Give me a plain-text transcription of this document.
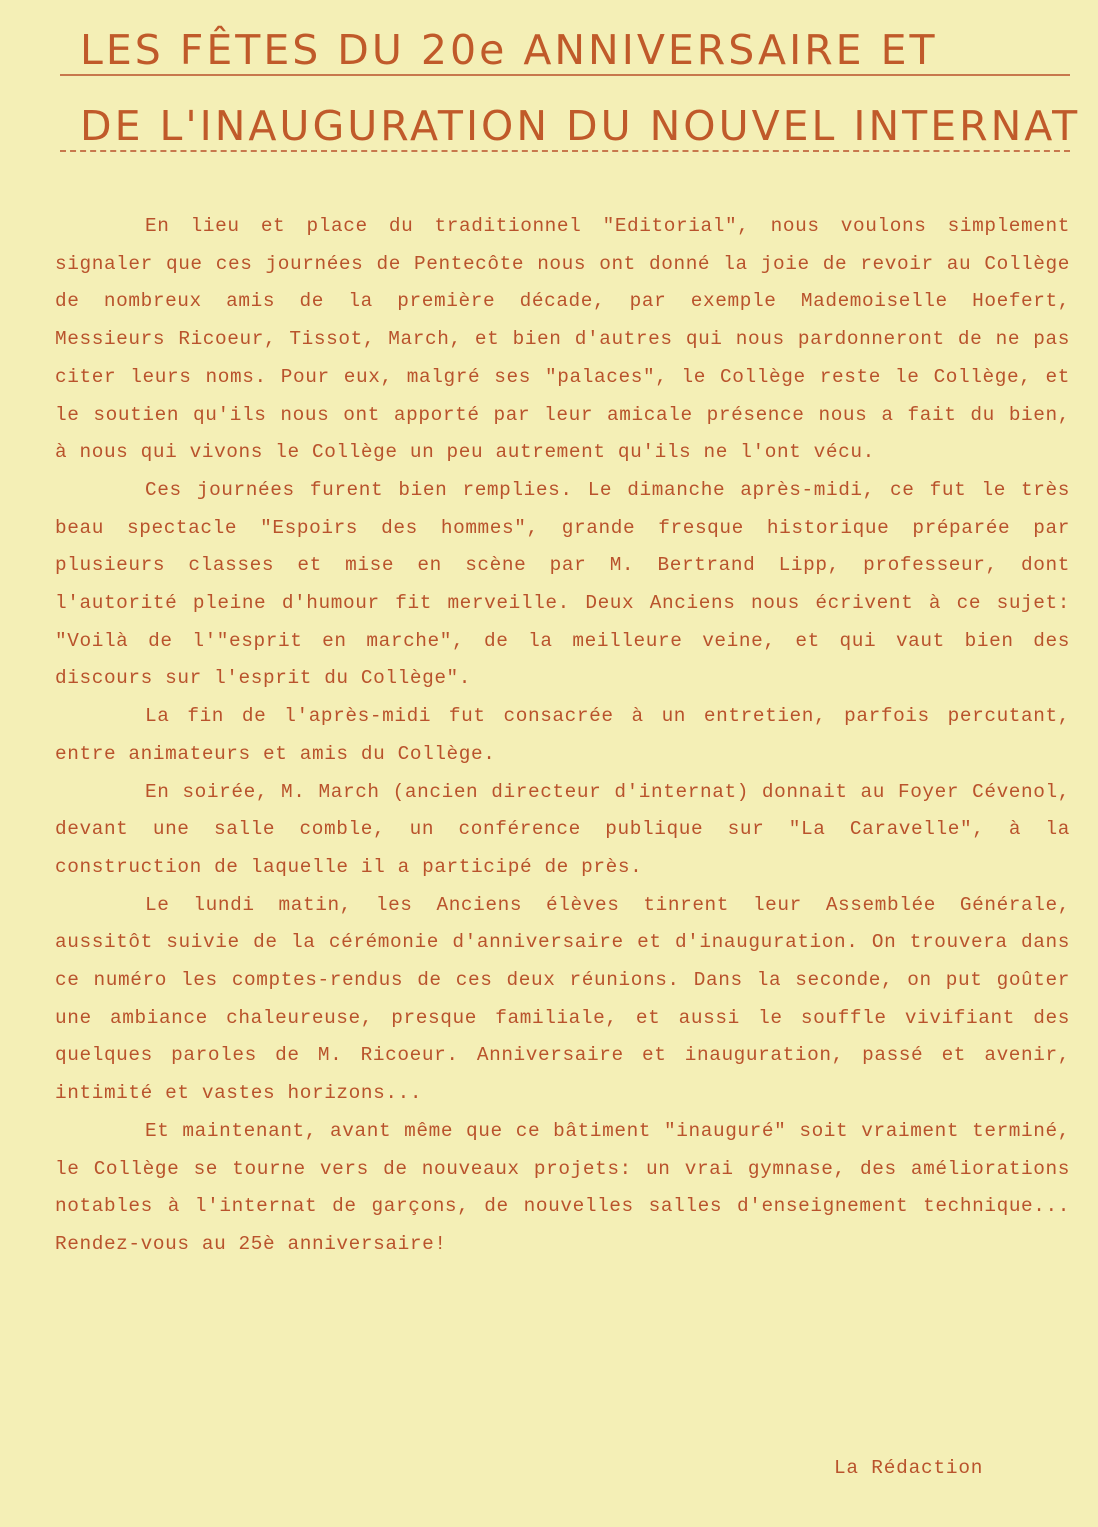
LES FÊTES DU 20e ANNIVERSAIRE ET
DE L'INAUGURATION DU NOUVEL INTERNAT

En lieu et place du traditionnel "Editorial", nous voulons simplement signaler que ces journées de Pentecôte nous ont donné la joie de revoir au Collège de nombreux amis de la première décade, par exemple Mademoiselle Hoefert, Messieurs Ricoeur, Tissot, March, et bien d'autres qui nous pardonneront de ne pas citer leurs noms. Pour eux, malgré ses "palaces", le Collège reste le Collège, et le soutien qu'ils nous ont apporté par leur amicale présence nous a fait du bien, à nous qui vivons le Collège un peu autrement qu'ils ne l'ont vécu.

Ces journées furent bien remplies. Le dimanche après-midi, ce fut le très beau spectacle "Espoirs des hommes", grande fresque historique préparée par plusieurs classes et mise en scène par M. Bertrand Lipp, professeur, dont l'autorité pleine d'humour fit merveille. Deux Anciens nous écrivent à ce sujet: "Voilà de l'"esprit en marche", de la meilleure veine, et qui vaut bien des discours sur l'esprit du Collège".

La fin de l'après-midi fut consacrée à un entretien, parfois percutant, entre animateurs et amis du Collège.

En soirée, M. March (ancien directeur d'internat) donnait au Foyer Cévenol, devant une salle comble, un conférence publique sur "La Caravelle", à la construction de laquelle il a participé de près.

Le lundi matin, les Anciens élèves tinrent leur Assemblée Générale, aussitôt suivie de la cérémonie d'anniversaire et d'inauguration. On trouvera dans ce numéro les comptes-rendus de ces deux réunions. Dans la seconde, on put goûter une ambiance chaleureuse, presque familiale, et aussi le souffle vivifiant des quelques paroles de M. Ricoeur. Anniversaire et inauguration, passé et avenir, intimité et vastes horizons...

Et maintenant, avant même que ce bâtiment "inauguré" soit vraiment terminé, le Collège se tourne vers de nouveaux projets: un vrai gymnase, des améliorations notables à l'internat de garçons, de nouvelles salles d'enseignement technique... Rendez-vous au 25è anniversaire!

La Rédaction
